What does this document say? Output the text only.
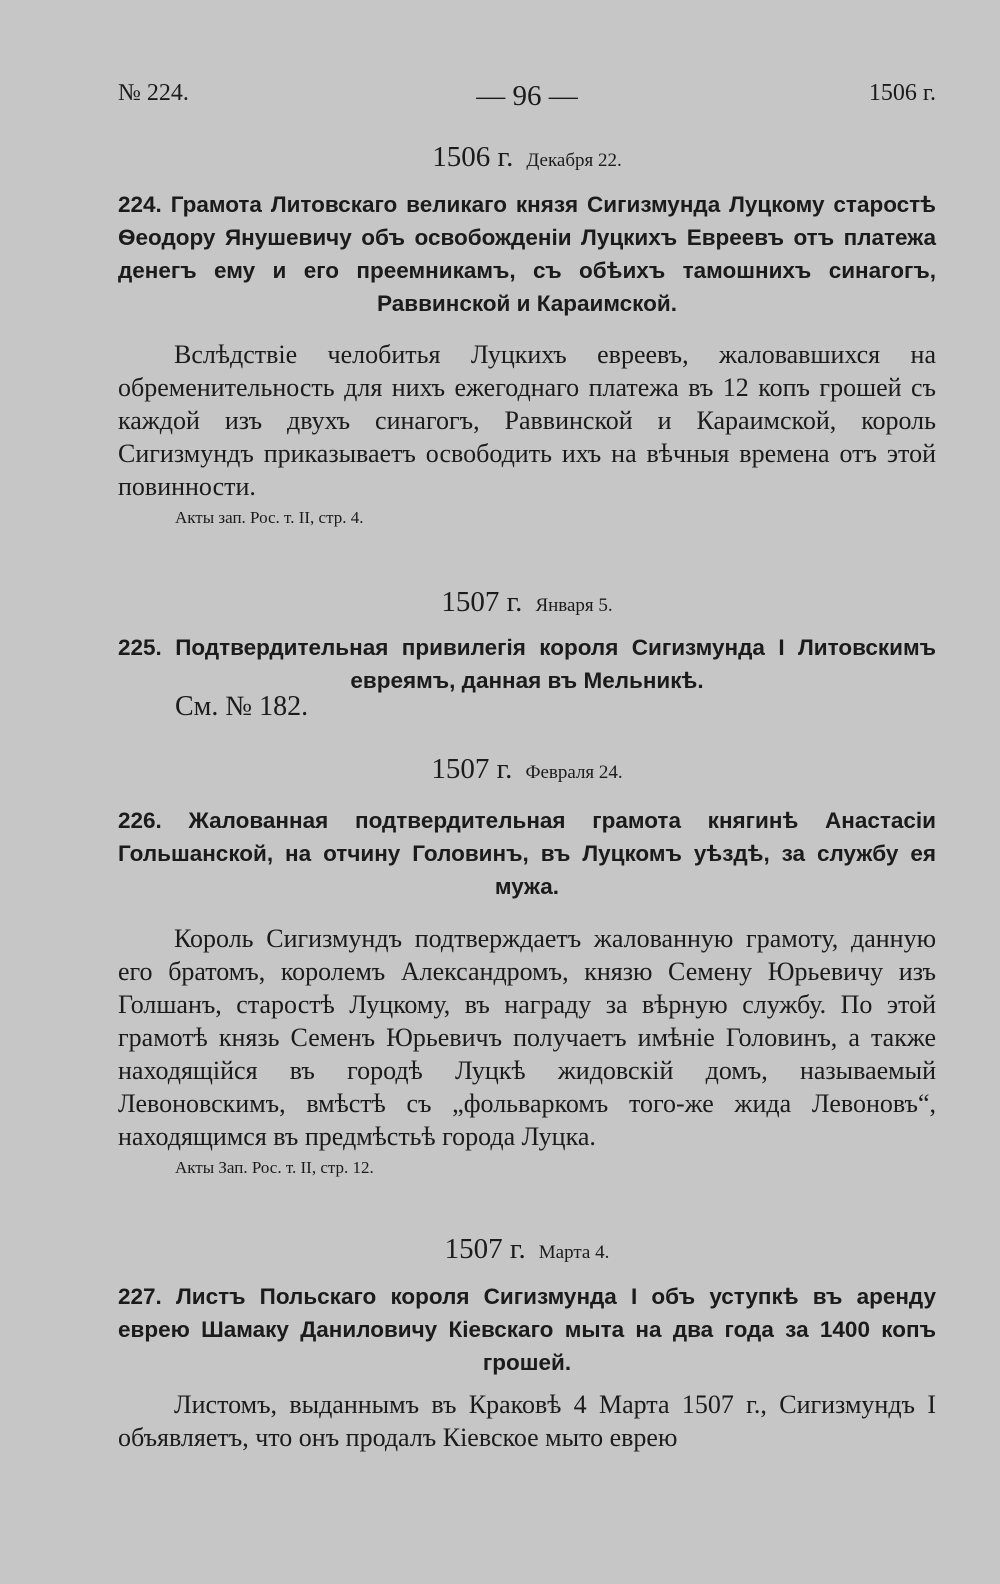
№ 224.	— 96 —	1506 г.
1506 г. Декабря 22.
224. Грамота Литовскаго великаго князя Сигизмунда Луцкому старостѣ Ѳеодору Янушевичу объ освобожденіи Луцкихъ Евреевъ отъ платежа денегъ ему и его преемникамъ, съ обѣихъ тамошнихъ синагогъ, Раввинской и Караимской.
Вслѣдствіе челобитья Луцкихъ евреевъ, жаловавшихся на обременительность для нихъ ежегоднаго платежа въ 12 копъ грошей съ каждой изъ двухъ синагогъ, Раввинской и Караимской, король Сигизмундъ приказываетъ освободить ихъ на вѣчныя времена отъ этой повинности.
Акты зап. Рос. т. II, стр. 4.
1507 г. Января 5.
225. Подтвердительная привилегія короля Сигизмунда I Литовскимъ евреямъ, данная въ Мельникѣ.
См. № 182.
1507 г. Февраля 24.
226. Жалованная подтвердительная грамота княгинѣ Анастасіи Гольшанской, на отчину Головинъ, въ Луцкомъ уѣздѣ, за службу ея мужа.
Король Сигизмундъ подтверждаетъ жалованную грамоту, данную его братомъ, королемъ Александромъ, князю Семену Юрьевичу изъ Голшанъ, старостѣ Луцкому, въ награду за вѣрную службу. По этой грамотѣ князь Семенъ Юрьевичъ получаетъ имѣніе Головинъ, а также находящійся въ городѣ Луцкѣ жидовскій домъ, называемый Левоновскимъ, вмѣстѣ съ „фольваркомъ того-же жида Левоновъ“, находящимся въ предмѣстьѣ города Луцка.
Акты Зап. Рос. т. II, стр. 12.
1507 г. Марта 4.
227. Листъ Польскаго короля Сигизмунда I объ уступкѣ въ аренду еврею Шамаку Даниловичу Кіевскаго мыта на два года за 1400 копъ грошей.
Листомъ, выданнымъ въ Краковѣ 4 Марта 1507 г., Сигизмундъ I объявляетъ, что онъ продалъ Кіевское мыто еврею
